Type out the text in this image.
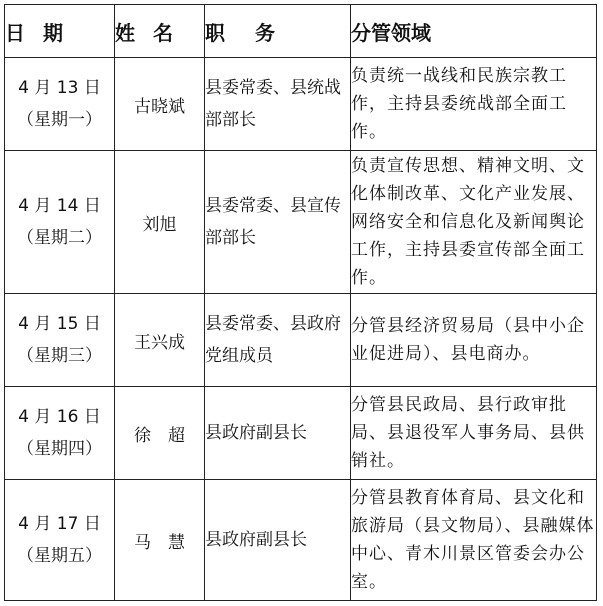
日期	姓名	职务	分管领域

4 月 13 日
（星期一）	古晓斌	县委常委、县统战部部长	负责统一战线和民族宗教工作，主持县委统战部全面工作。

4 月 14 日
（星期二）	刘旭	县委常委、县宣传部部长	负责宣传思想、精神文明、文化体制改革、文化产业发展、网络安全和信息化及新闻舆论工作，主持县委宣传部全面工作。

4 月 15 日
（星期三）	王兴成	县委常委、县政府党组成员	分管县经济贸易局（县中小企业促进局）、县电商办。

4 月 16 日
（星期四）	徐　超	县政府副县长	分管县民政局、县行政审批局、县退役军人事务局、县供销社。

4 月 17 日
（星期五）	马　慧	县政府副县长	分管县教育体育局、县文化和旅游局（县文物局）、县融媒体中心、青木川景区管委会办公室。
